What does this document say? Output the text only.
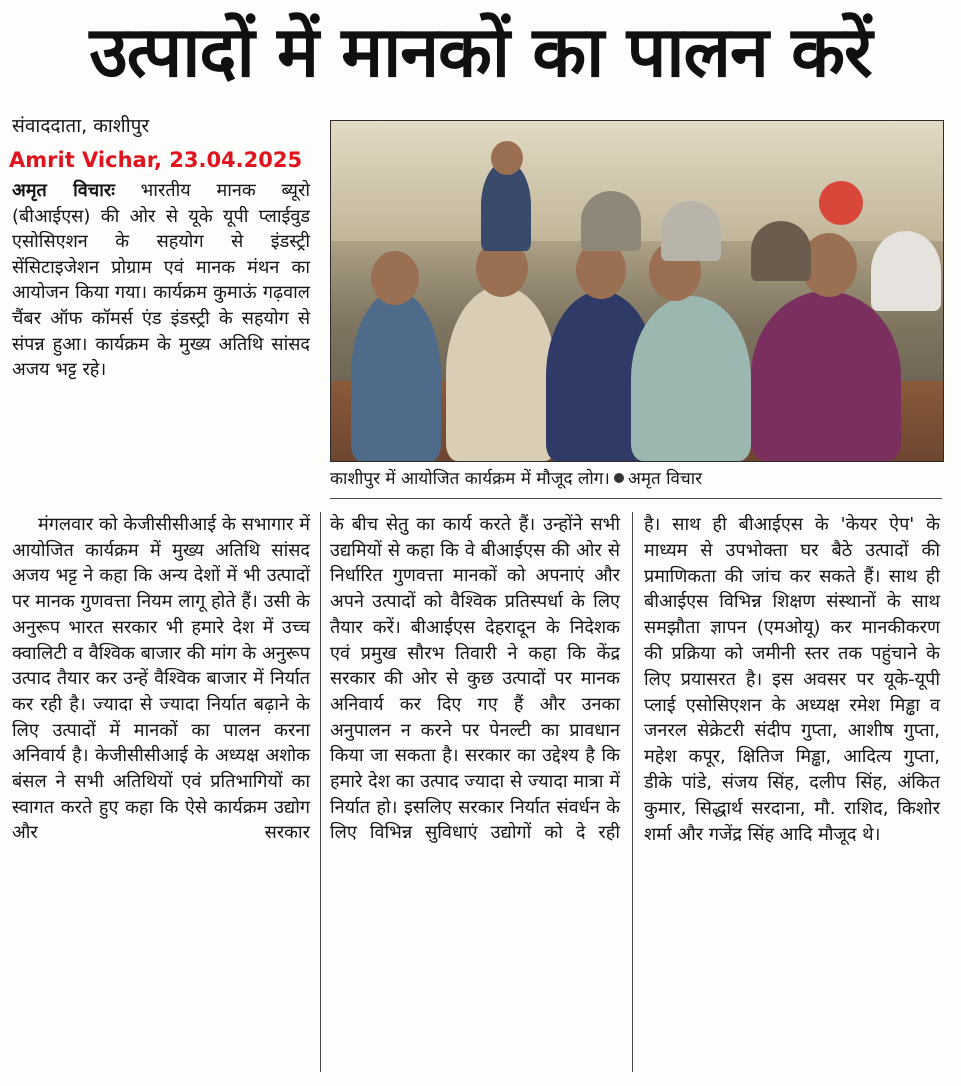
उत्पादों में मानकों का पालन करें
संवाददाता, काशीपुर
Amrit Vichar, 23.04.2025

अमृत विचारः भारतीय मानक ब्यूरो (बीआईएस) की ओर से यूके यूपी प्लाईवुड एसोसिएशन के सहयोग से इंडस्ट्री सेंसिटाइजेशन प्रोग्राम एवं मानक मंथन का आयोजन किया गया। कार्यक्रम कुमाऊं गढ़वाल चैंबर ऑफ कॉमर्स एंड इंडस्ट्री के सहयोग से संपन्न हुआ। कार्यक्रम के मुख्य अतिथि सांसद अजय भट्ट रहे।

काशीपुर में आयोजित कार्यक्रम में मौजूद लोग। अमृत विचार

मंगलवार को केजीसीसीआई के सभागार में आयोजित कार्यक्रम में मुख्य अतिथि सांसद अजय भट्ट ने कहा कि अन्य देशों में भी उत्पादों पर मानक गुणवत्ता नियम लागू होते हैं। उसी के अनुरूप भारत सरकार भी हमारे देश में उच्च क्वालिटी व वैश्विक बाजार की मांग के अनुरूप उत्पाद तैयार कर उन्हें वैश्विक बाजार में निर्यात कर रही है। ज्यादा से ज्यादा निर्यात बढ़ाने के लिए उत्पादों में मानकों का पालन करना अनिवार्य है। केजीसीसीआई के अध्यक्ष अशोक बंसल ने सभी अतिथियों एवं प्रतिभागियों का स्वागत करते हुए कहा कि ऐसे कार्यक्रम उद्योग और सरकार

के बीच सेतु का कार्य करते हैं। उन्होंने सभी उद्यमियों से कहा कि वे बीआईएस की ओर से निर्धारित गुणवत्ता मानकों को अपनाएं और अपने उत्पादों को वैश्विक प्रतिस्पर्धा के लिए तैयार करें। बीआईएस देहरादून के निदेशक एवं प्रमुख सौरभ तिवारी ने कहा कि केंद्र सरकार की ओर से कुछ उत्पादों पर मानक अनिवार्य कर दिए गए हैं और उनका अनुपालन न करने पर पेनल्टी का प्रावधान किया जा सकता है। सरकार का उद्देश्य है कि हमारे देश का उत्पाद ज्यादा से ज्यादा मात्रा में निर्यात हो। इसलिए सरकार निर्यात संवर्धन के लिए विभिन्न सुविधाएं उद्योगों को दे रही

है। साथ ही बीआईएस के 'केयर ऐप' के माध्यम से उपभोक्ता घर बैठे उत्पादों की प्रमाणिकता की जांच कर सकते हैं। साथ ही बीआईएस विभिन्न शिक्षण संस्थानों के साथ समझौता ज्ञापन (एमओयू) कर मानकीकरण की प्रक्रिया को जमीनी स्तर तक पहुंचाने के लिए प्रयासरत है। इस अवसर पर यूके-यूपी प्लाई एसोसिएशन के अध्यक्ष रमेश मिड्ढा व जनरल सेक्रेटरी संदीप गुप्ता, आशीष गुप्ता, महेश कपूर, क्षितिज मिड्ढा, आदित्य गुप्ता, डीके पांडे, संजय सिंह, दलीप सिंह, अंकित कुमार, सिद्धार्थ सरदाना, मौ. राशिद, किशोर शर्मा और गजेंद्र सिंह आदि मौजूद थे।
